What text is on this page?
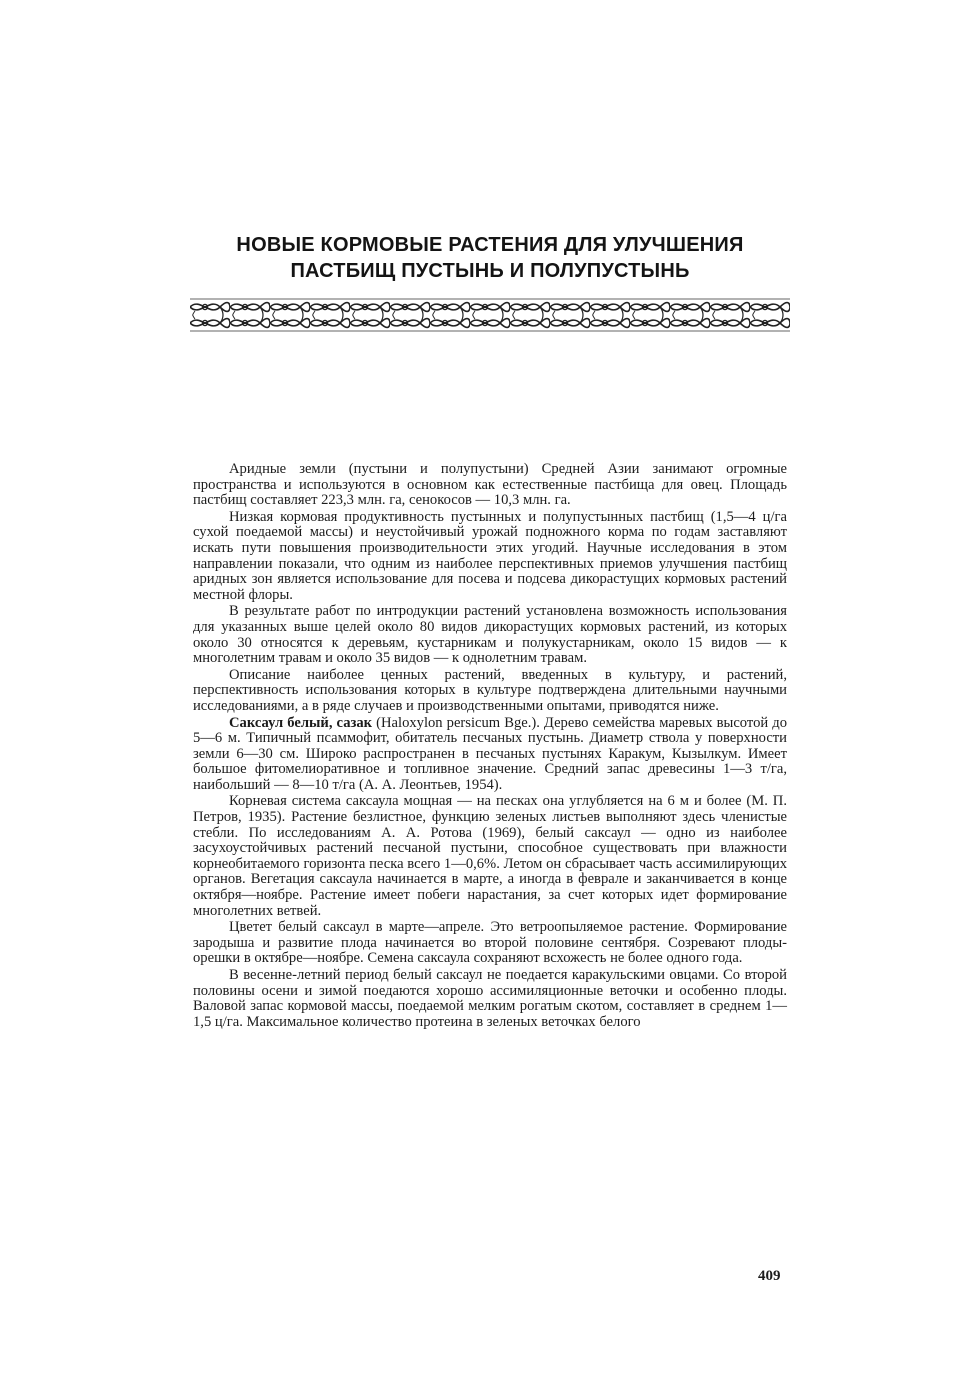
НОВЫЕ КОРМОВЫЕ РАСТЕНИЯ ДЛЯ УЛУЧШЕНИЯ
ПАСТБИЩ ПУСТЫНЬ И ПОЛУПУСТЫНЬ

Аридные земли (пустыни и полупустыни) Средней Азии занимают огромные пространства и используются в основном как естественные пастбища для овец. Площадь пастбищ составляет 223,3 млн. га, сенокосов — 10,3 млн. га.

Низкая кормовая продуктивность пустынных и полупустынных пастбищ (1,5—4 ц/га сухой поедаемой массы) и неустойчивый урожай подножного корма по годам заставляют искать пути повышения производительности этих угодий. Научные исследования в этом направлении показали, что одним из наиболее перспективных приемов улучшения пастбищ аридных зон является использование для посева и подсева дикорастущих кормовых растений местной флоры.

В результате работ по интродукции растений установлена возможность использования для указанных выше целей около 80 видов дикорастущих кормовых растений, из которых около 30 относятся к деревьям, кустарникам и полукустарникам, около 15 видов — к многолетним травам и около 35 видов — к однолетним травам.

Описание наиболее ценных растений, введенных в культуру, и растений, перспективность использования которых в культуре подтверждена длительными научными исследованиями, а в ряде случаев и производственными опытами, приводятся ниже.

Саксаул белый, сазак (Haloxylon persicum Bge.). Дерево семейства маревых высотой до 5—6 м. Типичный псаммофит, обитатель песчаных пустынь. Диаметр ствола у поверхности земли 6—30 см. Широко распространен в песчаных пустынях Каракум, Кызылкум. Имеет большое фитомелиоративное и топливное значение. Средний запас древесины 1—3 т/га, наибольший — 8—10 т/га (А. А. Леонтьев, 1954).

Корневая система саксаула мощная — на песках она углубляется на 6 м и более (М. П. Петров, 1935). Растение безлистное, функцию зеленых листьев выполняют здесь членистые стебли. По исследованиям А. А. Ротова (1969), белый саксаул — одно из наиболее засухоустойчивых растений песчаной пустыни, способное существовать при влажности корнеобитаемого горизонта песка всего 1—0,6%. Летом он сбрасывает часть ассимилирующих органов. Вегетация саксаула начинается в марте, а иногда в феврале и заканчивается в конце октября—ноябре. Растение имеет побеги нарастания, за счет которых идет формирование многолетних ветвей.

Цветет белый саксаул в марте—апреле. Это ветроопыляемое растение. Формирование зародыша и развитие плода начинается во второй половине сентября. Созревают плоды-орешки в октябре—ноябре. Семена саксаула сохраняют всхожесть не более одного года.

В весенне-летний период белый саксаул не поедается каракульскими овцами. Со второй половины осени и зимой поедаются хорошо ассимиляционные веточки и особенно плоды. Валовой запас кормовой массы, поедаемой мелким рогатым скотом, составляет в среднем 1—1,5 ц/га. Максимальное количество протеина в зеленых веточках белого

409
